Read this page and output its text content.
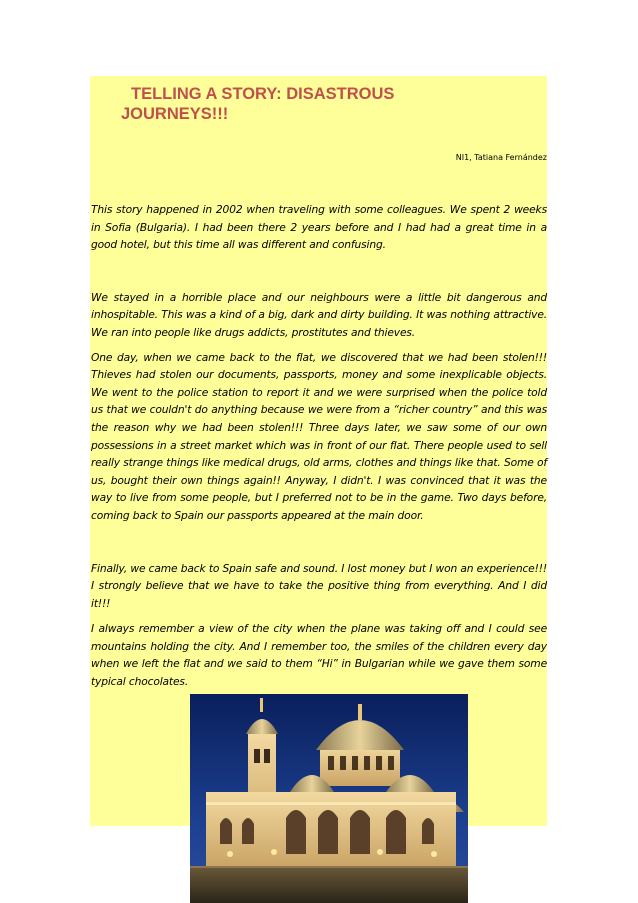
TELLING A STORY: DISASTROUS JOURNEYS!!!
NI1, Tatiana Fernández

This story happened in 2002 when traveling with some colleagues. We spent 2 weeks in Sofia (Bulgaria). I had been there 2 years before and I had had a great time in a good hotel, but this time all was different and confusing.

We stayed in a horrible place and our neighbours were a little bit dangerous and inhospitable. This was a kind of a big, dark and dirty building. It was nothing attractive. We ran into people like drugs addicts, prostitutes and thieves.

One day, when we came back to the flat, we discovered that we had been stolen!!! Thieves had stolen our documents, passports, money and some inexplicable objects. We went to the police station to report it and we were surprised when the police told us that we couldn't do anything because we were from a “richer country” and this was the reason why we had been stolen!!! Three days later, we saw some of our own possessions in a street market which was in front of our flat. There people used to sell really strange things like medical drugs, old arms, clothes and things like that. Some of us, bought their own things again!! Anyway, I didn't. I was convinced that it was the way to live from some people, but I preferred not to be in the game. Two days before, coming back to Spain our passports appeared at the main door.

Finally, we came back to Spain safe and sound. I lost money but I won an experience!!! I strongly believe that we have to take the positive thing from everything. And I did it!!!

I always remember a view of the city when the plane was taking off and I could see mountains holding the city. And I remember too, the smiles of the children every day when we left the flat and we said to them “Hi” in Bulgarian while we gave them some typical chocolates.
